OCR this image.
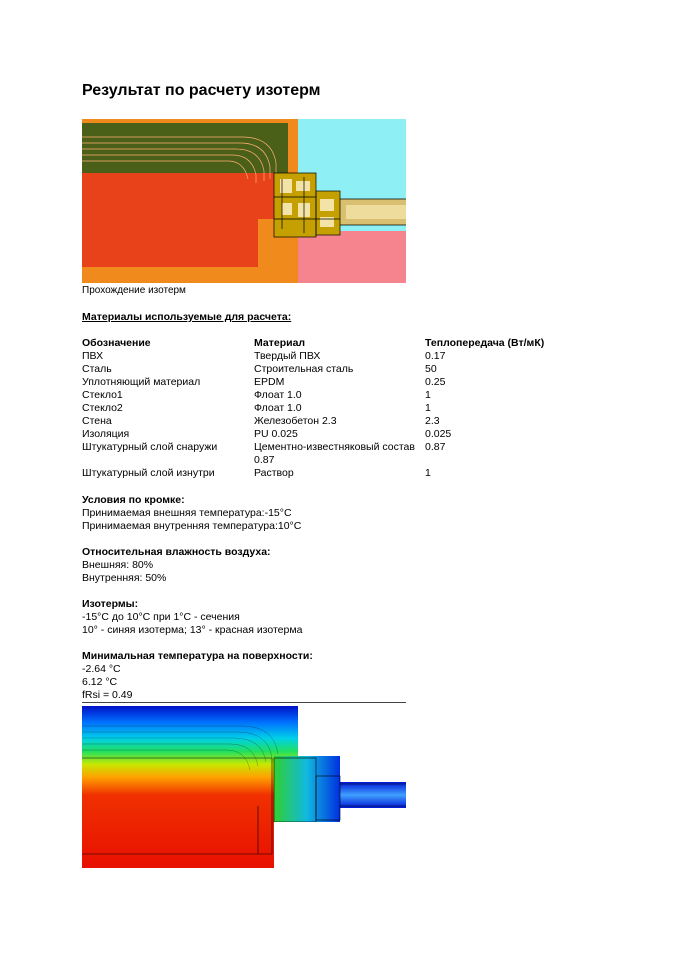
Результат по расчету изотерм
Прохождение изотерм
Материалы используемые для расчета:
Обозначение	Материал	Теплопередача (Вт/мК)
ПВХ	Твердый ПВХ	0.17
Сталь	Строительная сталь	50
Уплотняющий материал	EPDM	0.25
Стекло1	Флоат 1.0	1
Стекло2	Флоат 1.0	1
Стена	Железобетон 2.3	2.3
Изоляция	PU 0.025	0.025
Штукатурный слой снаружи	Цементно-известняковый состав 0.87	0.87
Штукатурный слой изнутри	Раствор	1
Условия по кромке:
Принимаемая внешняя температура:-15°C
Принимаемая внутренняя температура:10°C
Относительная влажность воздуха:
Внешняя: 80%
Внутренняя: 50%
Изотермы:
-15°C до 10°C при 1°C - сечения
10° - синяя изотерма; 13° - красная изотерма
Минимальная температура на поверхности:
-2.64 °C
6.12 °C
fRsi = 0.49
